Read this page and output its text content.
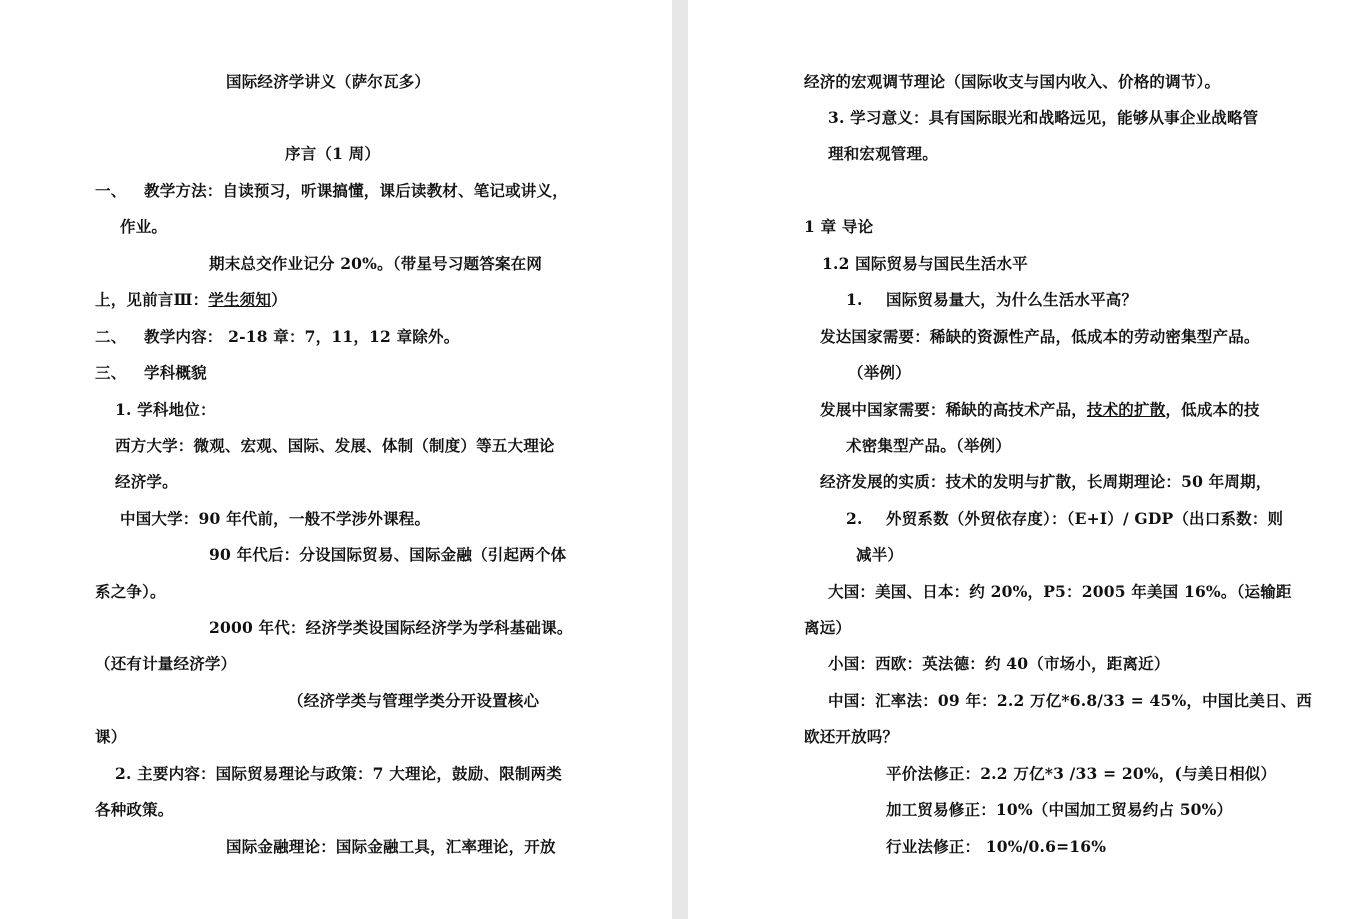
国际经济学讲义（萨尔瓦多）
序言（1 周）
一、 教学方法：自读预习，听课搞懂，课后读教材、笔记或讲义，
作业。
期末总交作业记分 20%。（带星号习题答案在网
上，见前言Ⅲ：学生须知）
二、 教学内容： 2-18 章：7，11，12 章除外。
三、 学科概貌
1. 学科地位：
西方大学：微观、宏观、国际、发展、体制（制度）等五大理论
经济学。
中国大学：90 年代前，一般不学涉外课程。
90 年代后：分设国际贸易、国际金融（引起两个体
系之争）。
2000 年代：经济学类设国际经济学为学科基础课。
（还有计量经济学）
（经济学类与管理学类分开设置核心
课）
2. 主要内容：国际贸易理论与政策：7 大理论，鼓励、限制两类
各种政策。
国际金融理论：国际金融工具，汇率理论，开放
经济的宏观调节理论（国际收支与国内收入、价格的调节）。
3. 学习意义：具有国际眼光和战略远见，能够从事企业战略管
理和宏观管理。
1 章 导论
1.2 国际贸易与国民生活水平
1. 国际贸易量大，为什么生活水平高？
发达国家需要：稀缺的资源性产品，低成本的劳动密集型产品。
（举例）
发展中国家需要：稀缺的高技术产品，技术的扩散，低成本的技
术密集型产品。（举例）
经济发展的实质：技术的发明与扩散，长周期理论：50 年周期，
2. 外贸系数（外贸依存度）：（E+I）/ GDP（出口系数：则
减半）
大国：美国、日本：约 20%，P5：2005 年美国 16%。（运输距
离远）
小国：西欧：英法德：约 40（市场小，距离近）
中国：汇率法：09 年：2.2 万亿*6.8/33 = 45%，中国比美日、西
欧还开放吗？
平价法修正：2.2 万亿*3 /33 = 20%，(与美日相似）
加工贸易修正：10%（中国加工贸易约占 50%）
行业法修正： 10%/0.6=16%
